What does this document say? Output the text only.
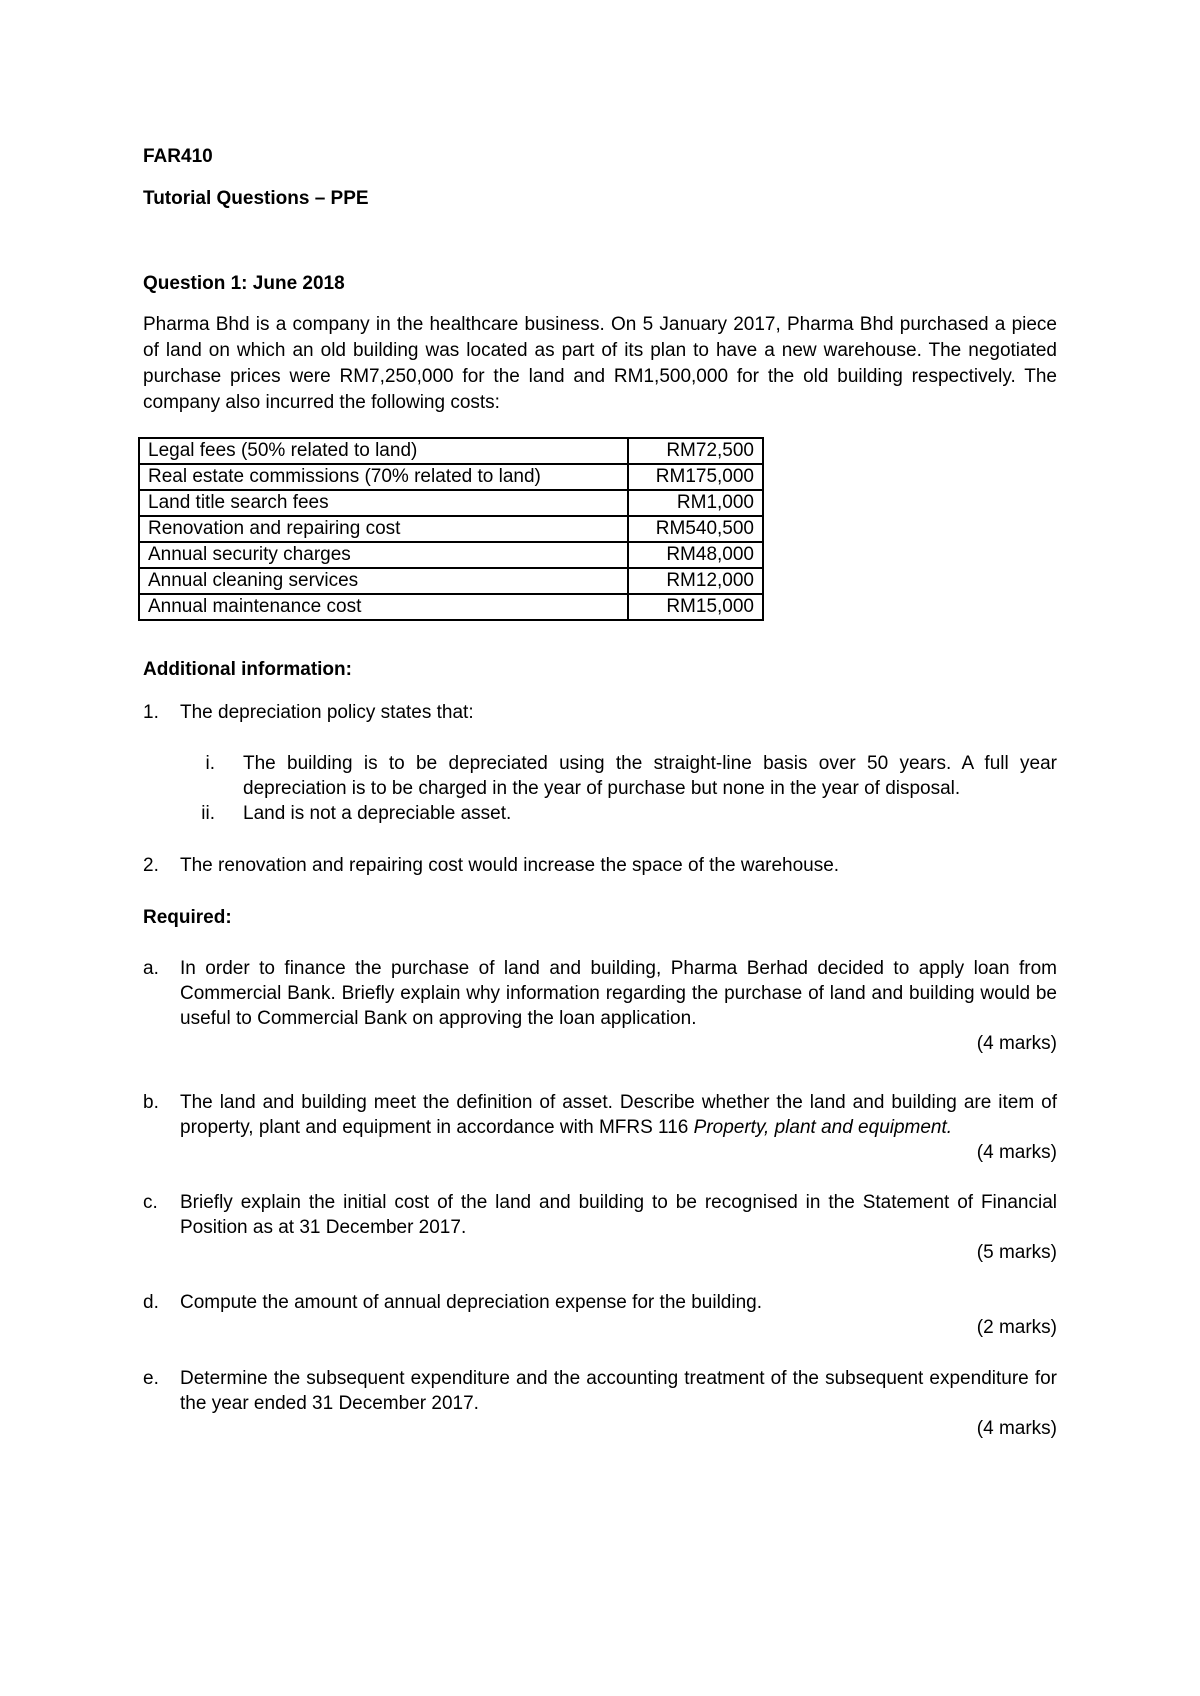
FAR410
Tutorial Questions – PPE
Question 1: June 2018

Pharma Bhd is a company in the healthcare business. On 5 January 2017, Pharma Bhd purchased a piece of land on which an old building was located as part of its plan to have a new warehouse. The negotiated purchase prices were RM7,250,000 for the land and RM1,500,000 for the old building respectively. The company also incurred the following costs:

Legal fees (50% related to land)	RM72,500
Real estate commissions (70% related to land)	RM175,000
Land title search fees	RM1,000
Renovation and repairing cost	RM540,500
Annual security charges	RM48,000
Annual cleaning services	RM12,000
Annual maintenance cost	RM15,000
Additional information:
1.	The depreciation policy states that:
i.	The building is to be depreciated using the straight-line basis over 50 years. A full year depreciation is to be charged in the year of purchase but none in the year of disposal.
ii.	Land is not a depreciable asset.
2.	The renovation and repairing cost would increase the space of the warehouse.
Required:
a.	In order to finance the purchase of land and building, Pharma Berhad decided to apply loan from Commercial Bank. Briefly explain why information regarding the purchase of land and building would be useful to Commercial Bank on approving the loan application.
(4 marks)
b.	The land and building meet the definition of asset. Describe whether the land and building are item of property, plant and equipment in accordance with MFRS 116 Property, plant and equipment.
(4 marks)
c.	Briefly explain the initial cost of the land and building to be recognised in the Statement of Financial Position as at 31 December 2017.
(5 marks)
d.	Compute the amount of annual depreciation expense for the building.
(2 marks)
e.	Determine the subsequent expenditure and the accounting treatment of the subsequent expenditure for the year ended 31 December 2017.
(4 marks)
